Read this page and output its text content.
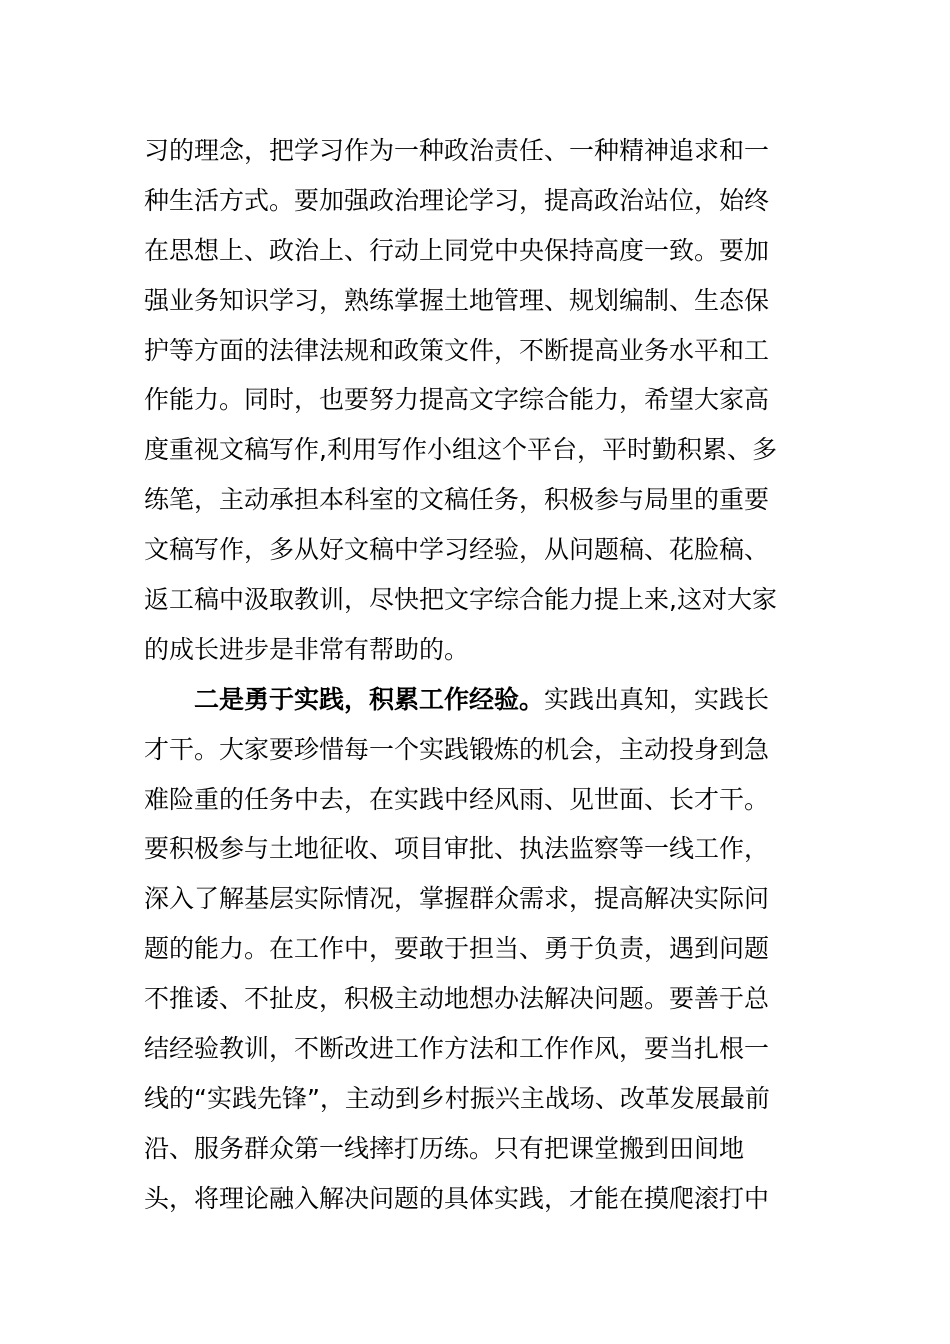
习的理念，把学习作为一种政治责任、一种精神追求和一
种生活方式。要加强政治理论学习，提高政治站位，始终
在思想上、政治上、行动上同党中央保持高度一致。要加
强业务知识学习，熟练掌握土地管理、规划编制、生态保
护等方面的法律法规和政策文件，不断提高业务水平和工
作能力。同时，也要努力提高文字综合能力，希望大家高
度重视文稿写作,利用写作小组这个平台，平时勤积累、多
练笔，主动承担本科室的文稿任务，积极参与局里的重要
文稿写作，多从好文稿中学习经验，从问题稿、花脸稿、
返工稿中汲取教训，尽快把文字综合能力提上来,这对大家
的成长进步是非常有帮助的。
二是勇于实践，积累工作经验。实践出真知，实践长
才干。大家要珍惜每一个实践锻炼的机会，主动投身到急
难险重的任务中去，在实践中经风雨、见世面、长才干。
要积极参与土地征收、项目审批、执法监察等一线工作，
深入了解基层实际情况，掌握群众需求，提高解决实际问
题的能力。在工作中，要敢于担当、勇于负责，遇到问题
不推诿、不扯皮，积极主动地想办法解决问题。要善于总
结经验教训，不断改进工作方法和工作作风，要当扎根一
线的“实践先锋”，主动到乡村振兴主战场、改革发展最前
沿、服务群众第一线摔打历练。只有把课堂搬到田间地
头，将理论融入解决问题的具体实践，才能在摸爬滚打中
